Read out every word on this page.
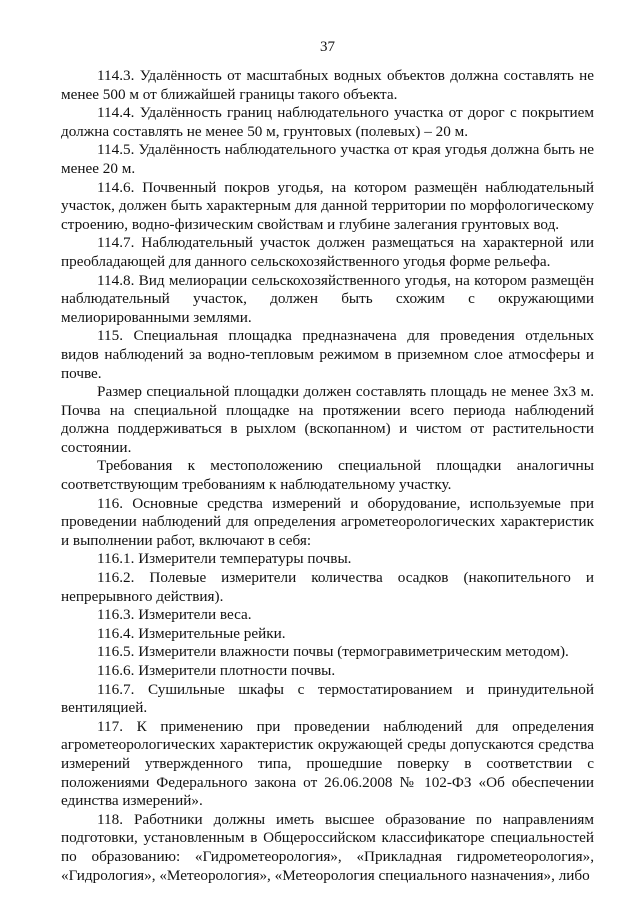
37

114.3. Удалённость от масштабных водных объектов должна составлять не менее 500 м от ближайшей границы такого объекта.

114.4. Удалённость границ наблюдательного участка от дорог с покрытием должна составлять не менее 50 м, грунтовых (полевых) – 20 м.

114.5. Удалённость наблюдательного участка от края угодья должна быть не менее 20 м.

114.6. Почвенный покров угодья, на котором размещён наблюдательный участок, должен быть характерным для данной территории по морфологическому строению, водно-физическим свойствам и глубине залегания грунтовых вод.

114.7. Наблюдательный участок должен размещаться на характерной или преобладающей для данного сельскохозяйственного угодья форме рельефа.

114.8. Вид мелиорации сельскохозяйственного угодья, на котором размещён наблюдательный участок, должен быть схожим с окружающими мелиорированными землями.

115. Специальная площадка предназначена для проведения отдельных видов наблюдений за водно-тепловым режимом в приземном слое атмосферы и почве.

Размер специальной площадки должен составлять площадь не менее 3х3 м. Почва на специальной площадке на протяжении всего периода наблюдений должна поддерживаться в рыхлом (вскопанном) и чистом от растительности состоянии.

Требования к местоположению специальной площадки аналогичны соответствующим требованиям к наблюдательному участку.

116. Основные средства измерений и оборудование, используемые при проведении наблюдений для определения агрометеорологических характеристик и выполнении работ, включают в себя:

116.1. Измерители температуры почвы.

116.2. Полевые измерители количества осадков (накопительного и непрерывного действия).

116.3. Измерители веса.

116.4. Измерительные рейки.

116.5. Измерители влажности почвы (термогравиметрическим методом).

116.6. Измерители плотности почвы.

116.7. Сушильные шкафы с термостатированием и принудительной вентиляцией.

117. К применению при проведении наблюдений для определения агрометеорологических характеристик окружающей среды допускаются средства измерений утвержденного типа, прошедшие поверку в соответствии с положениями Федерального закона от 26.06.2008 № 102-ФЗ «Об обеспечении единства измерений».

118. Работники должны иметь высшее образование по направлениям подготовки, установленным в Общероссийском классификаторе специальностей по образованию: «Гидрометеорология», «Прикладная гидрометеорология», «Гидрология», «Метеорология», «Метеорология специального назначения», либо
